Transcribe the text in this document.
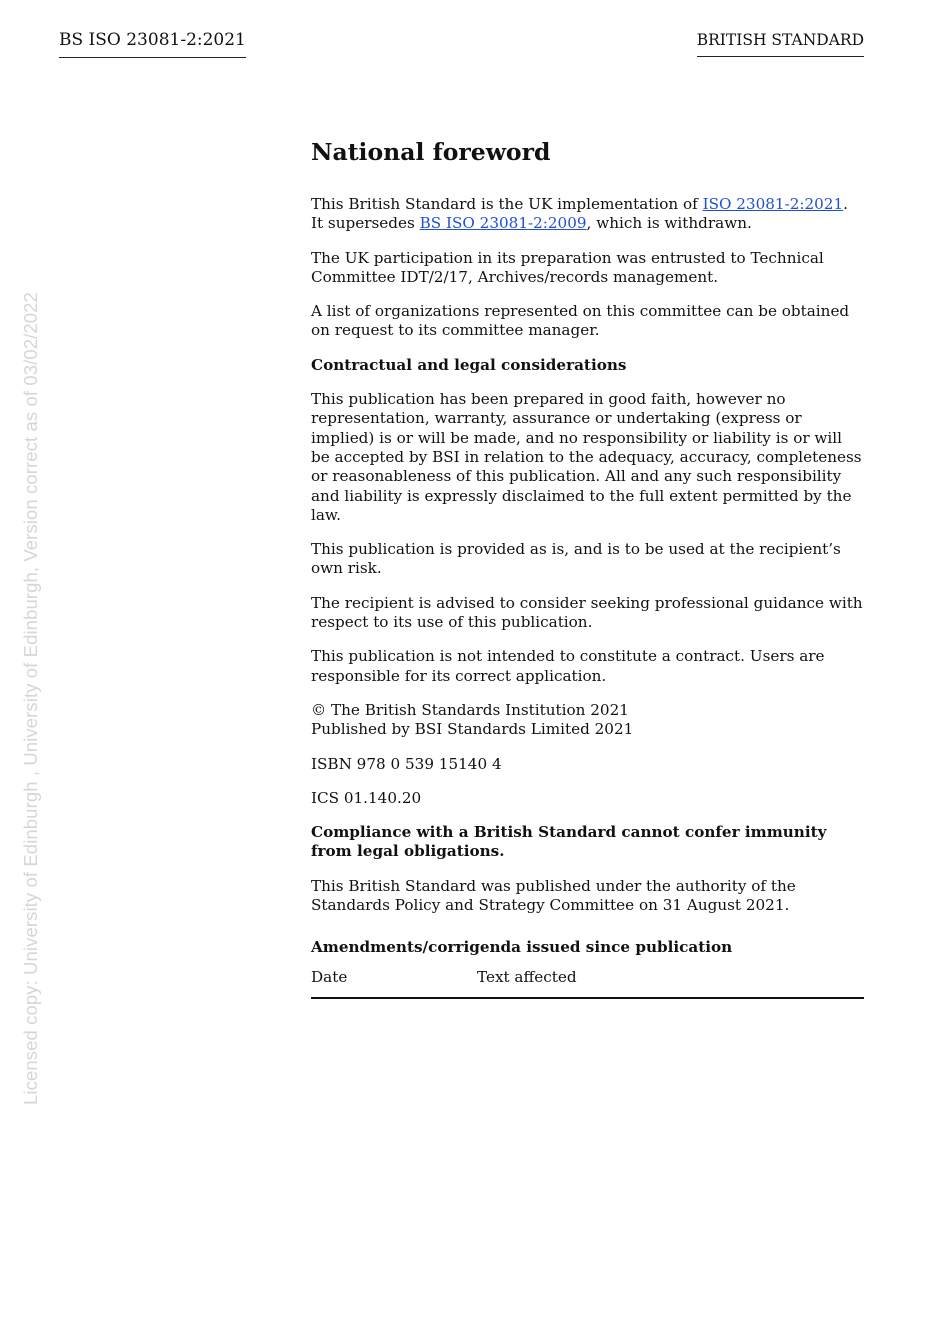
BS ISO 23081-2:2021	BRITISH STANDARD
Licensed copy: University of Edinburgh , University of Edinburgh, Version correct as of 03/02/2022
National foreword
This British Standard is the UK implementation of ISO 23081-2:2021. It supersedes BS ISO 23081-2:2009, which is withdrawn.
The UK participation in its preparation was entrusted to Technical Committee IDT/2/17, Archives/records management.
A list of organizations represented on this committee can be obtained on request to its committee manager.
Contractual and legal considerations
This publication has been prepared in good faith, however no representation, warranty, assurance or undertaking (express or implied) is or will be made, and no responsibility or liability is or will be accepted by BSI in relation to the adequacy, accuracy, completeness or reasonableness of this publication. All and any such responsibility and liability is expressly disclaimed to the full extent permitted by the law.
This publication is provided as is, and is to be used at the recipient’s own risk.
The recipient is advised to consider seeking professional guidance with respect to its use of this publication.
This publication is not intended to constitute a contract. Users are responsible for its correct application.
© The British Standards Institution 2021
Published by BSI Standards Limited 2021
ISBN 978 0 539 15140 4
ICS 01.140.20
Compliance with a British Standard cannot confer immunity from legal obligations.
This British Standard was published under the authority of the Standards Policy and Strategy Committee on 31 August 2021.
Amendments/corrigenda issued since publication
Date	Text affected
